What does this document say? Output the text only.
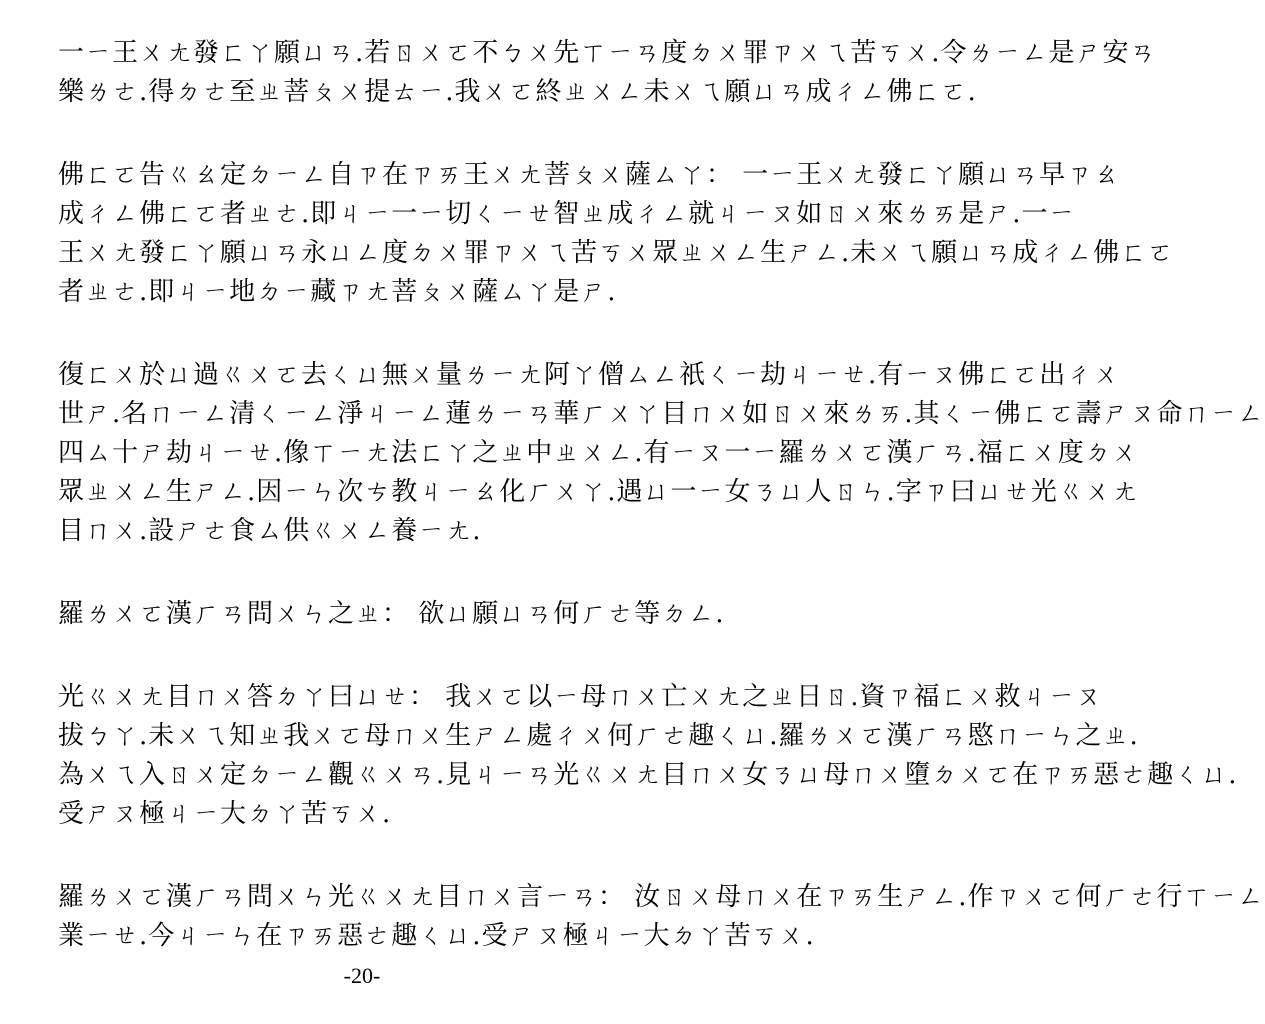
一ㄧ王ㄨㄤ發ㄈㄚ願ㄩㄢ.若ㄖㄨㄛ不ㄅㄨ先ㄒㄧㄢ度ㄉㄨ罪ㄗㄨㄟ苦ㄎㄨ.令ㄌㄧㄥ是ㄕ安ㄢ
樂ㄌㄜ.得ㄉㄜ至ㄓ菩ㄆㄨ提ㄊㄧ.我ㄨㄛ終ㄓㄨㄥ未ㄨㄟ願ㄩㄢ成ㄔㄥ佛ㄈㄛ.
佛ㄈㄛ告ㄍㄠ定ㄉㄧㄥ自ㄗ在ㄗㄞ王ㄨㄤ菩ㄆㄨ薩ㄙㄚ： 一ㄧ王ㄨㄤ發ㄈㄚ願ㄩㄢ早ㄗㄠ
成ㄔㄥ佛ㄈㄛ者ㄓㄜ.即ㄐㄧ一ㄧ切ㄑㄧㄝ智ㄓ成ㄔㄥ就ㄐㄧㄡ如ㄖㄨ來ㄌㄞ是ㄕ.一ㄧ
王ㄨㄤ發ㄈㄚ願ㄩㄢ永ㄩㄥ度ㄉㄨ罪ㄗㄨㄟ苦ㄎㄨ眾ㄓㄨㄥ生ㄕㄥ.未ㄨㄟ願ㄩㄢ成ㄔㄥ佛ㄈㄛ
者ㄓㄜ.即ㄐㄧ地ㄉㄧ藏ㄗㄤ菩ㄆㄨ薩ㄙㄚ是ㄕ.
復ㄈㄨ於ㄩ過ㄍㄨㄛ去ㄑㄩ無ㄨ量ㄌㄧㄤ阿ㄚ僧ㄙㄥ祇ㄑㄧ劫ㄐㄧㄝ.有ㄧㄡ佛ㄈㄛ出ㄔㄨ
世ㄕ.名ㄇㄧㄥ清ㄑㄧㄥ淨ㄐㄧㄥ蓮ㄌㄧㄢ華ㄏㄨㄚ目ㄇㄨ如ㄖㄨ來ㄌㄞ.其ㄑㄧ佛ㄈㄛ壽ㄕㄡ命ㄇㄧㄥ
四ㄙ十ㄕ劫ㄐㄧㄝ.像ㄒㄧㄤ法ㄈㄚ之ㄓ中ㄓㄨㄥ.有ㄧㄡ一ㄧ羅ㄌㄨㄛ漢ㄏㄢ.福ㄈㄨ度ㄉㄨ
眾ㄓㄨㄥ生ㄕㄥ.因ㄧㄣ次ㄘ教ㄐㄧㄠ化ㄏㄨㄚ.遇ㄩ一ㄧ女ㄋㄩ人ㄖㄣ.字ㄗ曰ㄩㄝ光ㄍㄨㄤ
目ㄇㄨ.設ㄕㄜ食ㄙ供ㄍㄨㄥ養ㄧㄤ.
羅ㄌㄨㄛ漢ㄏㄢ問ㄨㄣ之ㄓ： 欲ㄩ願ㄩㄢ何ㄏㄜ等ㄉㄥ.
光ㄍㄨㄤ目ㄇㄨ答ㄉㄚ曰ㄩㄝ： 我ㄨㄛ以ㄧ母ㄇㄨ亡ㄨㄤ之ㄓ日ㄖ.資ㄗ福ㄈㄨ救ㄐㄧㄡ
拔ㄅㄚ.未ㄨㄟ知ㄓ我ㄨㄛ母ㄇㄨ生ㄕㄥ處ㄔㄨ何ㄏㄜ趣ㄑㄩ.羅ㄌㄨㄛ漢ㄏㄢ愍ㄇㄧㄣ之ㄓ.
為ㄨㄟ入ㄖㄨ定ㄉㄧㄥ觀ㄍㄨㄢ.見ㄐㄧㄢ光ㄍㄨㄤ目ㄇㄨ女ㄋㄩ母ㄇㄨ墮ㄉㄨㄛ在ㄗㄞ惡ㄜ趣ㄑㄩ.
受ㄕㄡ極ㄐㄧ大ㄉㄚ苦ㄎㄨ.
羅ㄌㄨㄛ漢ㄏㄢ問ㄨㄣ光ㄍㄨㄤ目ㄇㄨ言ㄧㄢ： 汝ㄖㄨ母ㄇㄨ在ㄗㄞ生ㄕㄥ.作ㄗㄨㄛ何ㄏㄜ行ㄒㄧㄥ
業ㄧㄝ.今ㄐㄧㄣ在ㄗㄞ惡ㄜ趣ㄑㄩ.受ㄕㄡ極ㄐㄧ大ㄉㄚ苦ㄎㄨ.
-20-
